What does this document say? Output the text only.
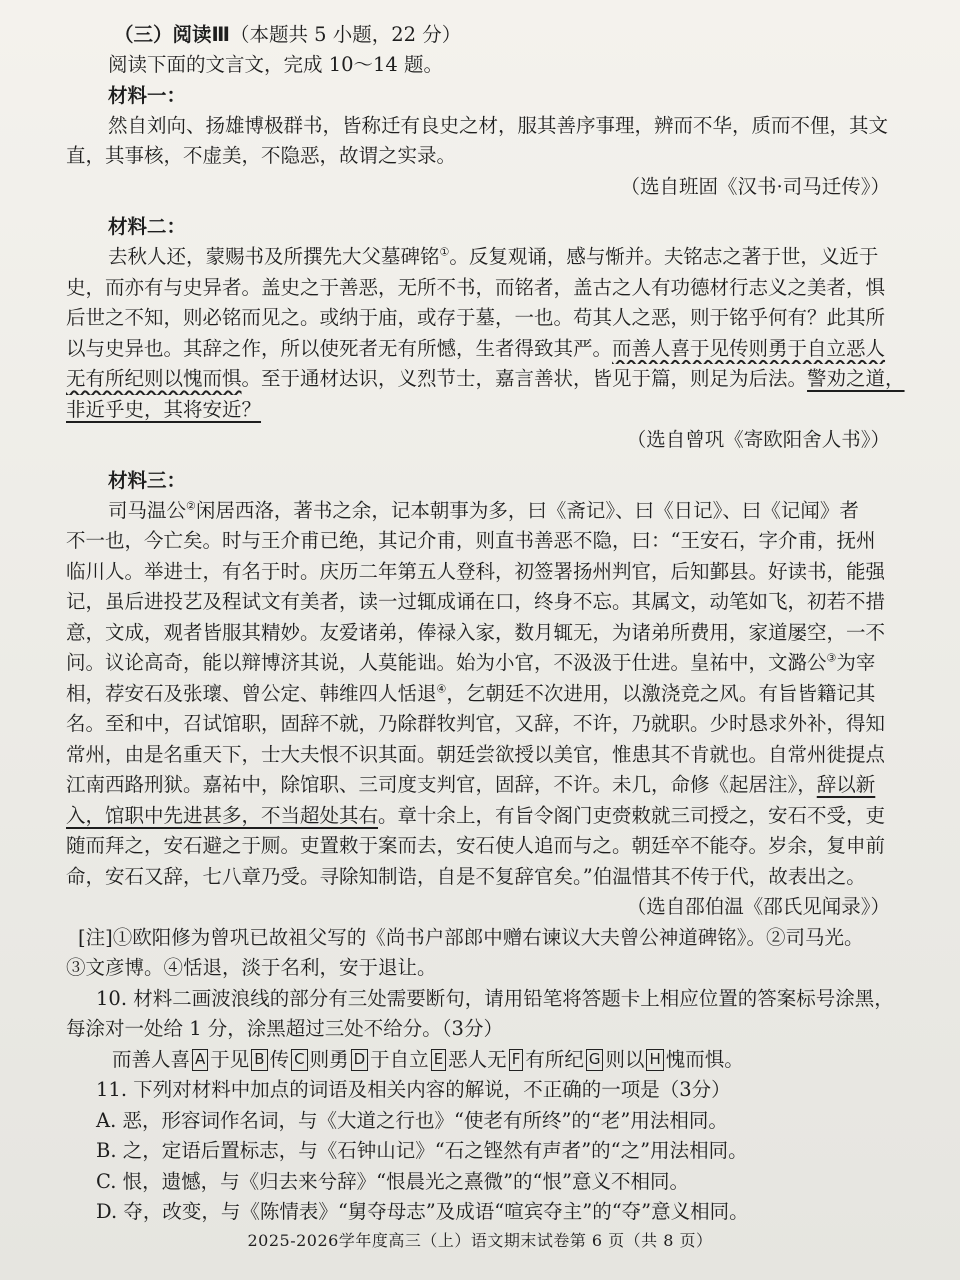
（三）阅读Ⅲ（本题共 5 小题，22 分）
阅读下面的文言文，完成 10～14 题。
材料一：
然自刘向、扬雄博极群书，皆称迁有良史之材，服其善序事理，辨而不华，质而不俚，其文
直，其事核，不虚美，不隐恶，故谓之实录。
（选自班固《汉书·司马迁传》）
材料二：
去秋人还，蒙赐书及所撰先大父墓碑铭①。反复观诵，感与惭并。夫铭志之著于世，义近于
史，而亦有与史异者。盖史之于善恶，无所不书，而铭者，盖古之人有功德材行志义之美者，惧
后世之不知，则必铭而见之。或纳于庙，或存于墓，一也。苟其人之恶，则于铭乎何有？此其所
以与史异也。其辞之作，所以使死者无有所憾，生者得致其严。而善人喜于见传则勇于自立恶人
无有所纪则以愧而惧。至于通材达识，义烈节士，嘉言善状，皆见于篇，则足为后法。警劝之道，
非近乎史，其将安近？
（选自曾巩《寄欧阳舍人书》）
材料三：
司马温公②闲居西洛，著书之余，记本朝事为多，曰《斋记》、曰《日记》、曰《记闻》者
不一也，今亡矣。时与王介甫已绝，其记介甫，则直书善恶不隐，曰：“王安石，字介甫，抚州
临川人。举进士，有名于时。庆历二年第五人登科，初签署扬州判官，后知鄞县。好读书，能强
记，虽后进投艺及程试文有美者，读一过辄成诵在口，终身不忘。其属文，动笔如飞，初若不措
意，文成，观者皆服其精妙。友爱诸弟，俸禄入家，数月辄无，为诸弟所费用，家道屡空，一不
问。议论高奇，能以辩博济其说，人莫能诎。始为小官，不汲汲于仕进。皇祐中，文潞公③为宰
相，荐安石及张瓌、曾公定、韩维四人恬退④，乞朝廷不次进用，以激浇竞之风。有旨皆籍记其
名。至和中，召试馆职，固辞不就，乃除群牧判官，又辞，不许，乃就职。少时恳求外补，得知
常州，由是名重天下，士大夫恨不识其面。朝廷尝欲授以美官，惟患其不肯就也。自常州徙提点
江南西路刑狱。嘉祐中，除馆职、三司度支判官，固辞，不许。未几，命修《起居注》，辞以新
入，馆职中先进甚多，不当超处其右。章十余上，有旨令阁门吏赍敕就三司授之，安石不受，吏
随而拜之，安石避之于厕。吏置敕于案而去，安石使人追而与之。朝廷卒不能夺。岁余，复申前
命，安石又辞，七八章乃受。寻除知制诰，自是不复辞官矣。”伯温惜其不传于代，故表出之。
（选自邵伯温《邵氏见闻录》）
[注]①欧阳修为曾巩已故祖父写的《尚书户部郎中赠右谏议大夫曾公神道碑铭》。②司马光。
③文彦博。④恬退，淡于名利，安于退让。
10. 材料二画波浪线的部分有三处需要断句，请用铅笔将答题卡上相应位置的答案标号涂黑，
每涂对一处给 1 分，涂黑超过三处不给分。（3分）
而善人喜 A 于见 B 传 C 则勇 D 于自立 E 恶人无 F 有所纪 G 则以 H 愧而惧。
11. 下列对材料中加点的词语及相关内容的解说，不正确的一项是（3分）
A. 恶，形容词作名词，与《大道之行也》“使老有所终”的“老”用法相同。
B. 之，定语后置标志，与《石钟山记》“石之铿然有声者”的“之”用法相同。
C. 恨，遗憾，与《归去来兮辞》“恨晨光之熹微”的“恨”意义不相同。
D. 夺，改变，与《陈情表》“舅夺母志”及成语“喧宾夺主”的“夺”意义相同。
2025-2026学年度高三（上）语文期末试卷第 6 页（共 8 页）
